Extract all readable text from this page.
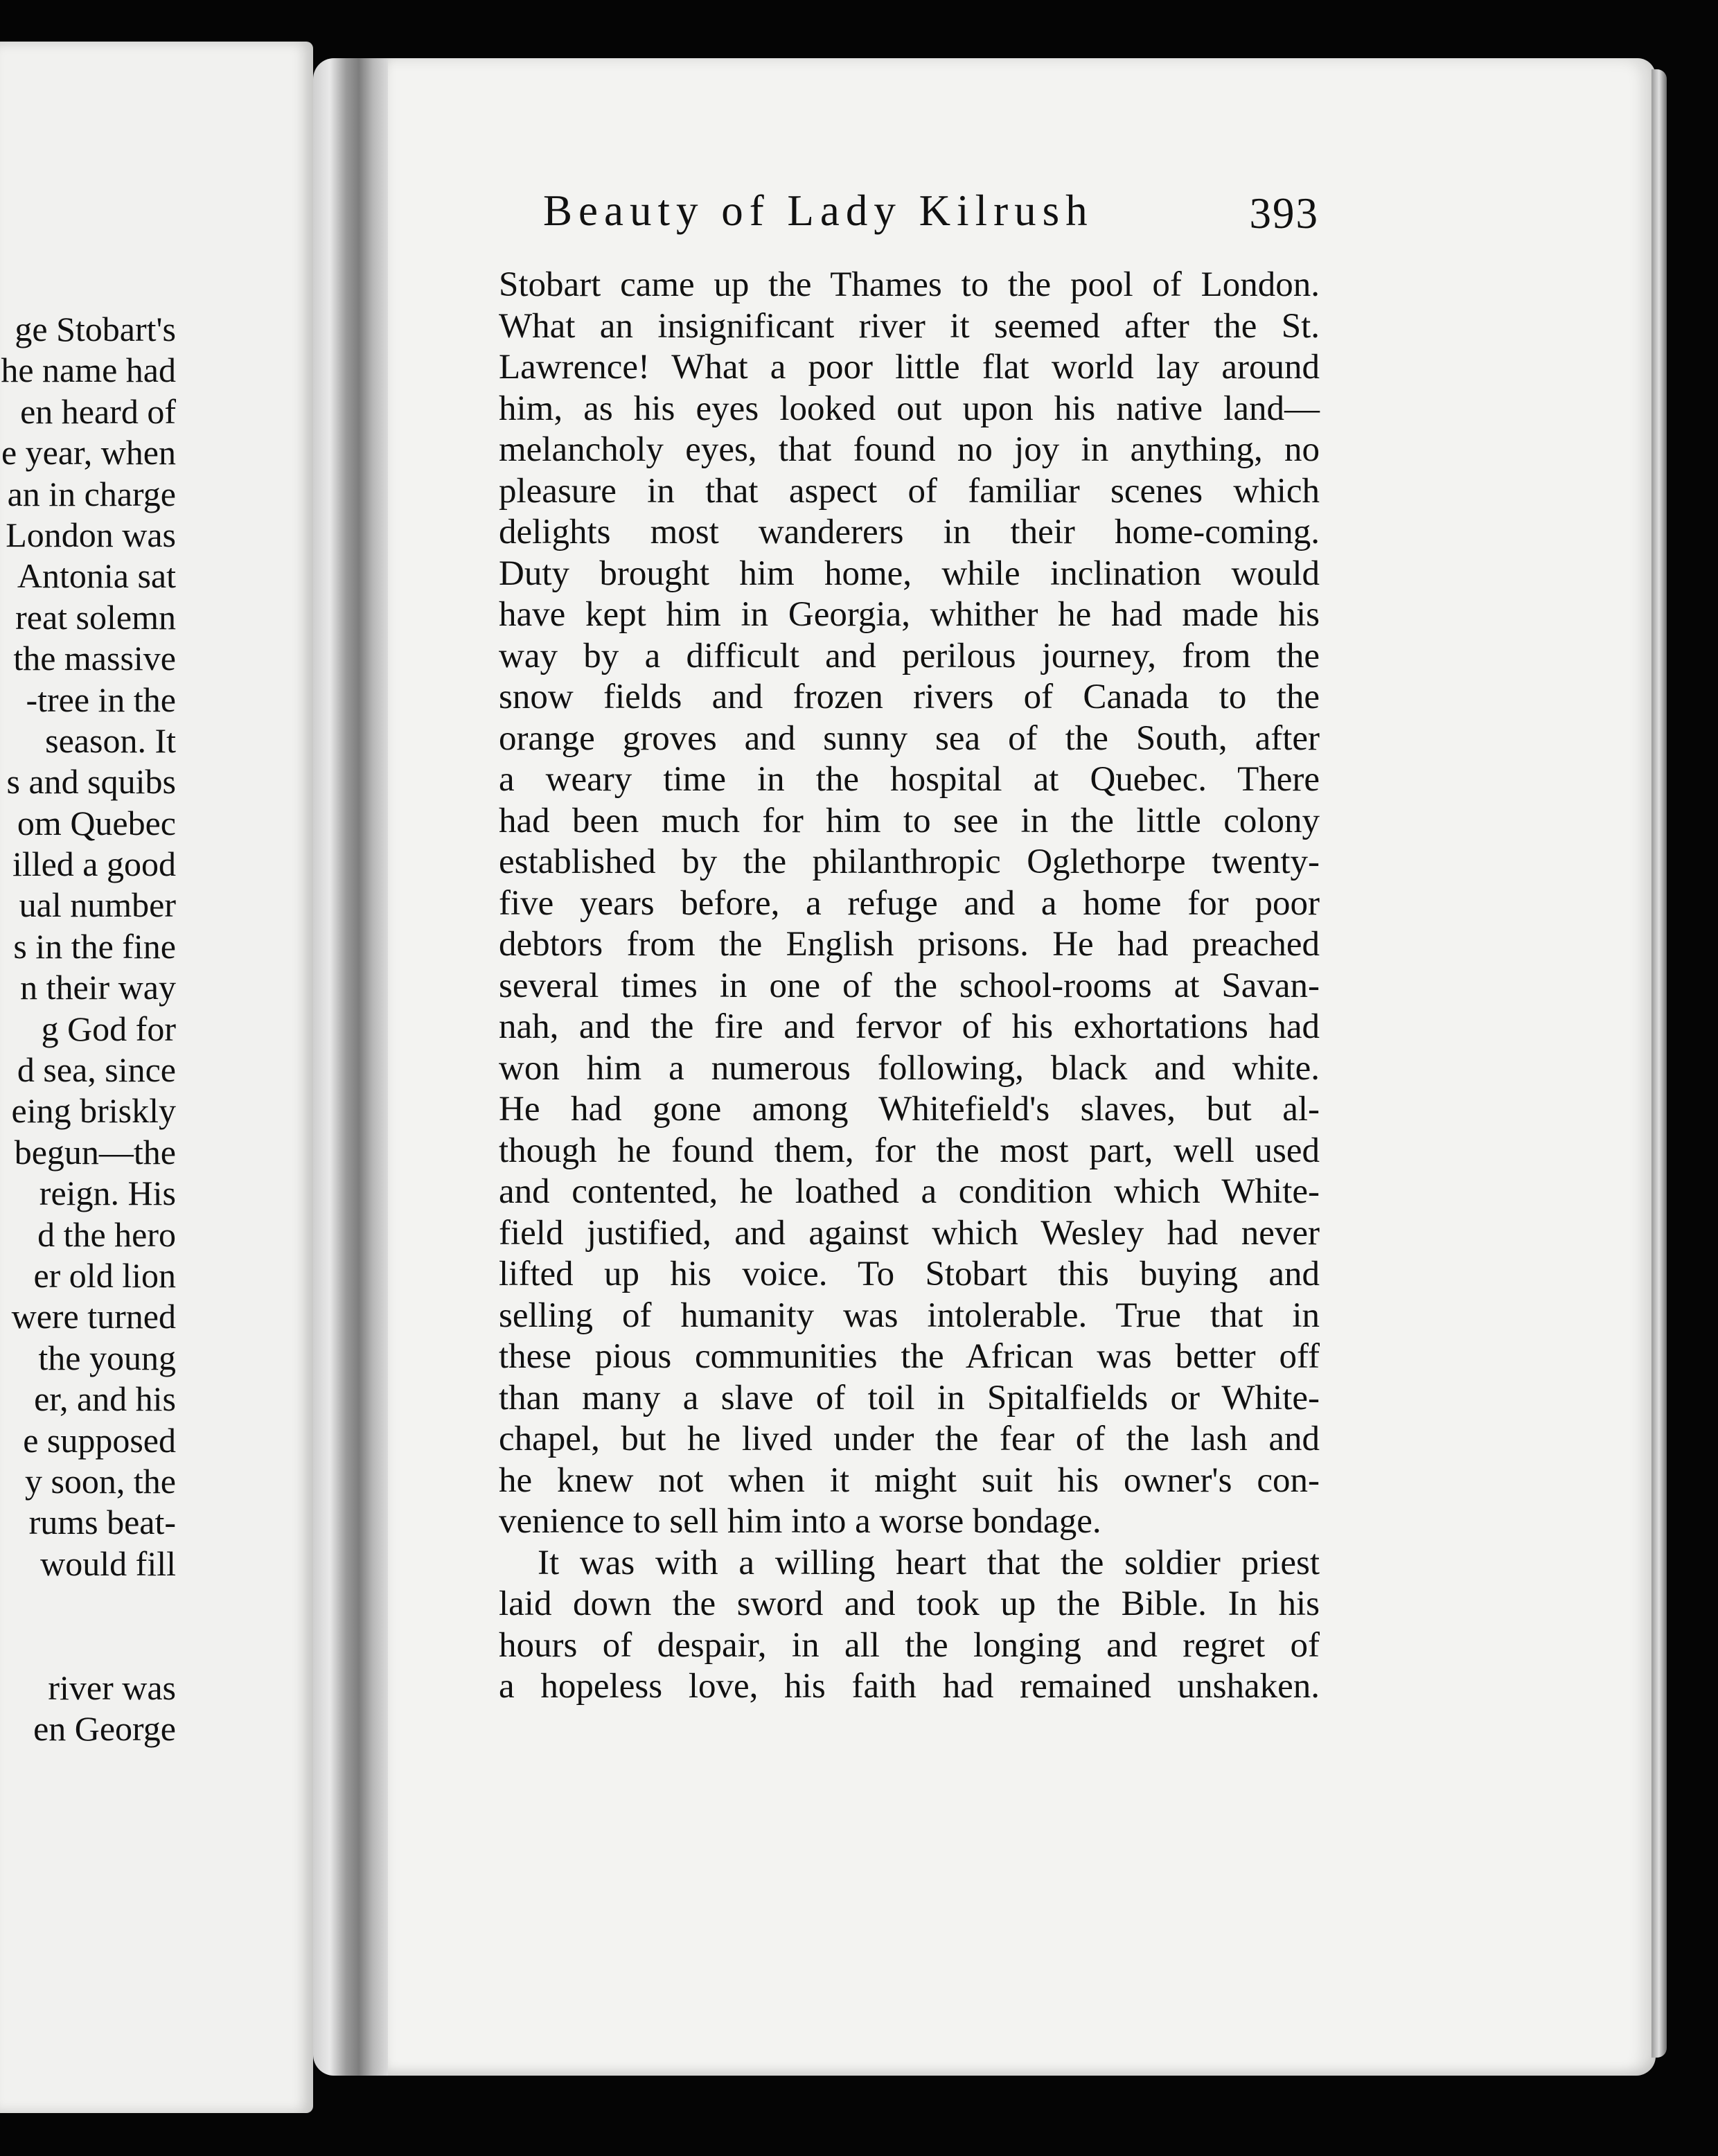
ge Stobart's
he name had
en heard of
e year, when
an in charge
London was
Antonia sat
reat solemn
the massive
-tree in the
season. It
s and squibs
om Quebec
illed a good
ual number
s in the fine
n their way
g God for
d sea, since
eing briskly
begun—the
reign. His
d the hero
er old lion
were turned
the young
er, and his
e supposed
y soon, the
rums beat-
would fill
river was
en George
Beauty of Lady Kilrush	393
Stobart came up the Thames to the pool of London.
What an insignificant river it seemed after the St.
Lawrence! What a poor little flat world lay around
him, as his eyes looked out upon his native land—
melancholy eyes, that found no joy in anything, no
pleasure in that aspect of familiar scenes which
delights most wanderers in their home-coming.
Duty brought him home, while inclination would
have kept him in Georgia, whither he had made his
way by a difficult and perilous journey, from the
snow fields and frozen rivers of Canada to the
orange groves and sunny sea of the South, after
a weary time in the hospital at Quebec. There
had been much for him to see in the little colony
established by the philanthropic Oglethorpe twenty-
five years before, a refuge and a home for poor
debtors from the English prisons. He had preached
several times in one of the school-rooms at Savan-
nah, and the fire and fervor of his exhortations had
won him a numerous following, black and white.
He had gone among Whitefield's slaves, but al-
though he found them, for the most part, well used
and contented, he loathed a condition which White-
field justified, and against which Wesley had never
lifted up his voice. To Stobart this buying and
selling of humanity was intolerable. True that in
these pious communities the African was better off
than many a slave of toil in Spitalfields or White-
chapel, but he lived under the fear of the lash and
he knew not when it might suit his owner's con-
venience to sell him into a worse bondage.
It was with a willing heart that the soldier priest
laid down the sword and took up the Bible. In his
hours of despair, in all the longing and regret of
a hopeless love, his faith had remained unshaken.
